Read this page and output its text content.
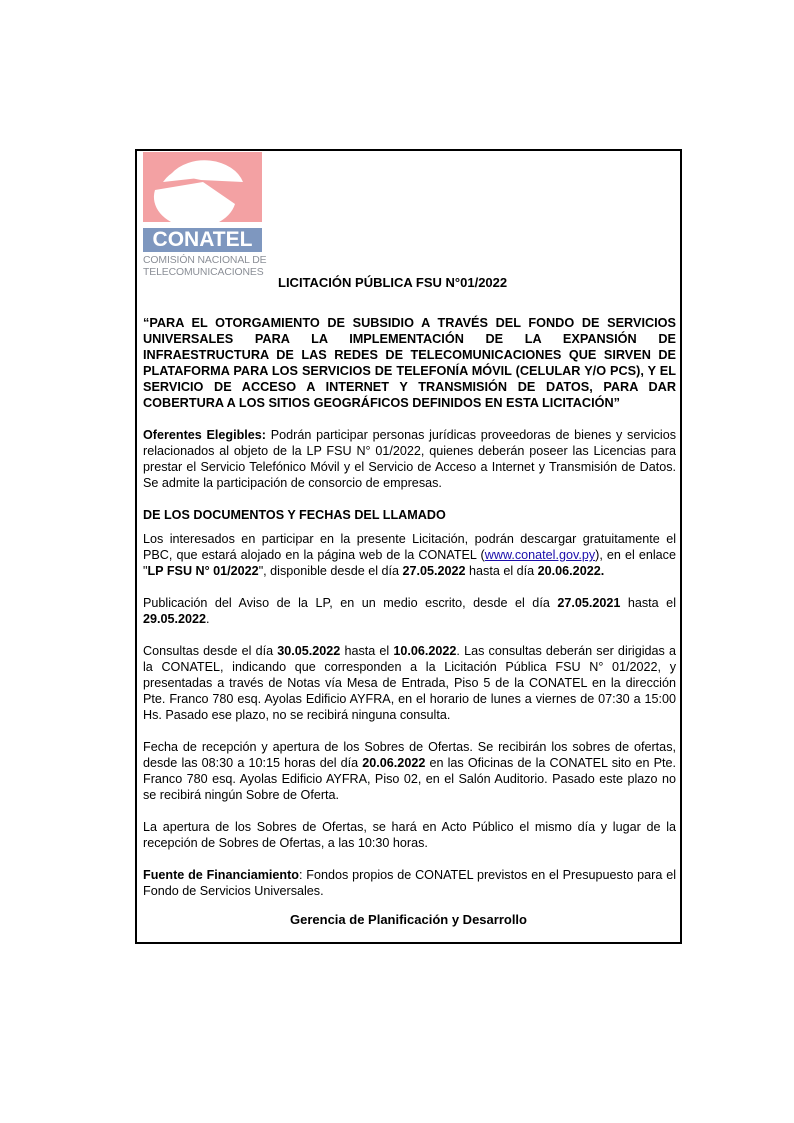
CONATEL
COMISIÓN NACIONAL DE
TELECOMUNICACIONES
LICITACIÓN PÚBLICA FSU N°01/2022
“PARA EL OTORGAMIENTO DE SUBSIDIO A TRAVÉS DEL FONDO DE SERVICIOS UNIVERSALES PARA LA IMPLEMENTACIÓN DE LA EXPANSIÓN DE INFRAESTRUCTURA DE LAS REDES DE TELECOMUNICACIONES QUE SIRVEN DE PLATAFORMA PARA LOS SERVICIOS DE TELEFONÍA MÓVIL (CELULAR Y/O PCS), Y EL SERVICIO DE ACCESO A INTERNET Y TRANSMISIÓN DE DATOS, PARA DAR COBERTURA A LOS SITIOS GEOGRÁFICOS DEFINIDOS EN ESTA LICITACIÓN”

Oferentes Elegibles: Podrán participar personas jurídicas proveedoras de bienes y servicios relacionados al objeto de la LP FSU N° 01/2022, quienes deberán poseer las Licencias para prestar el Servicio Telefónico Móvil y el Servicio de Acceso a Internet y Transmisión de Datos. Se admite la participación de consorcio de empresas.

DE LOS DOCUMENTOS Y FECHAS DEL LLAMADO

Los interesados en participar en la presente Licitación, podrán descargar gratuitamente el PBC, que estará alojado en la página web de la CONATEL (www.conatel.gov.py), en el enlace "LP FSU N° 01/2022", disponible desde el día 27.05.2022 hasta el día 20.06.2022.

Publicación del Aviso de la LP, en un medio escrito, desde el día 27.05.2021 hasta el 29.05.2022.

Consultas desde el día 30.05.2022 hasta el 10.06.2022. Las consultas deberán ser dirigidas a la CONATEL, indicando que corresponden a la Licitación Pública FSU N° 01/2022, y presentadas a través de Notas vía Mesa de Entrada, Piso 5 de la CONATEL en la dirección Pte. Franco 780 esq. Ayolas Edificio AYFRA, en el horario de lunes a viernes de 07:30 a 15:00 Hs. Pasado ese plazo, no se recibirá ninguna consulta.

Fecha de recepción y apertura de los Sobres de Ofertas. Se recibirán los sobres de ofertas, desde las 08:30 a 10:15 horas del día 20.06.2022 en las Oficinas de la CONATEL sito en Pte. Franco 780 esq. Ayolas Edificio AYFRA, Piso 02, en el Salón Auditorio. Pasado este plazo no se recibirá ningún Sobre de Oferta.

La apertura de los Sobres de Ofertas, se hará en Acto Público el mismo día y lugar de la recepción de Sobres de Ofertas, a las 10:30 horas.

Fuente de Financiamiento: Fondos propios de CONATEL previstos en el Presupuesto para el Fondo de Servicios Universales.

Gerencia de Planificación y Desarrollo
